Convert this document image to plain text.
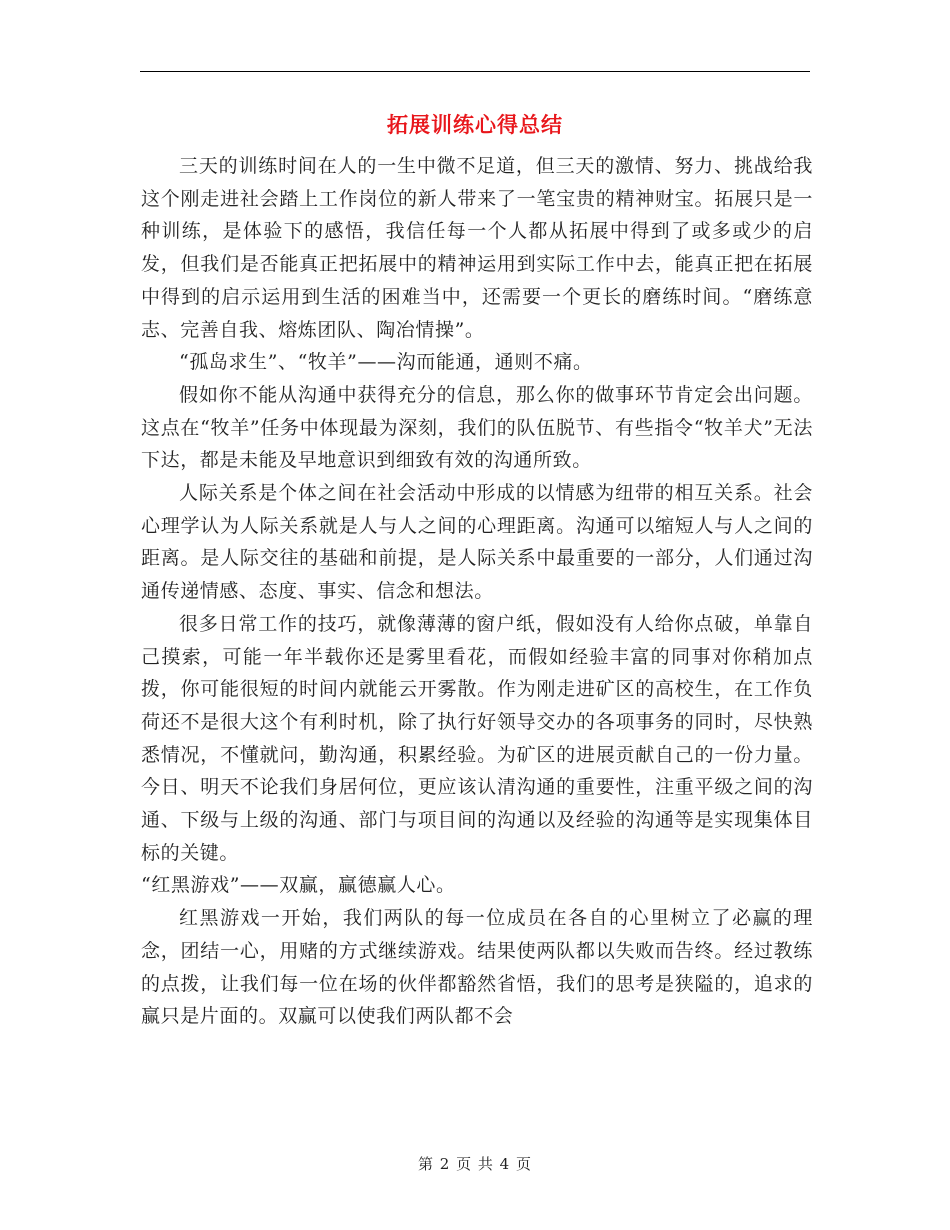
拓展训练心得总结

三天的训练时间在人的一生中微不足道，但三天的激情、努力、挑战给我这个刚走进社会踏上工作岗位的新人带来了一笔宝贵的精神财宝。拓展只是一种训练，是体验下的感悟，我信任每一个人都从拓展中得到了或多或少的启发，但我们是否能真正把拓展中的精神运用到实际工作中去，能真正把在拓展中得到的启示运用到生活的困难当中，还需要一个更长的磨练时间。“磨练意志、完善自我、熔炼团队、陶冶情操”。

“孤岛求生”、“牧羊”——沟而能通，通则不痛。

假如你不能从沟通中获得充分的信息，那么你的做事环节肯定会出问题。这点在“牧羊”任务中体现最为深刻，我们的队伍脱节、有些指令“牧羊犬”无法下达，都是未能及早地意识到细致有效的沟通所致。

人际关系是个体之间在社会活动中形成的以情感为纽带的相互关系。社会心理学认为人际关系就是人与人之间的心理距离。沟通可以缩短人与人之间的距离。是人际交往的基础和前提，是人际关系中最重要的一部分，人们通过沟通传递情感、态度、事实、信念和想法。

很多日常工作的技巧，就像薄薄的窗户纸，假如没有人给你点破，单靠自己摸索，可能一年半载你还是雾里看花，而假如经验丰富的同事对你稍加点拨，你可能很短的时间内就能云开雾散。作为刚走进矿区的高校生，在工作负荷还不是很大这个有利时机，除了执行好领导交办的各项事务的同时，尽快熟悉情况，不懂就问，勤沟通，积累经验。为矿区的进展贡献自己的一份力量。今日、明天不论我们身居何位，更应该认清沟通的重要性，注重平级之间的沟通、下级与上级的沟通、部门与项目间的沟通以及经验的沟通等是实现集体目标的关键。

“红黑游戏”——双赢，赢德赢人心。

红黑游戏一开始，我们两队的每一位成员在各自的心里树立了必赢的理念，团结一心，用赌的方式继续游戏。结果使两队都以失败而告终。经过教练的点拨，让我们每一位在场的伙伴都豁然省悟，我们的思考是狭隘的，追求的赢只是片面的。双赢可以使我们两队都不会

第 2 页 共 4 页
